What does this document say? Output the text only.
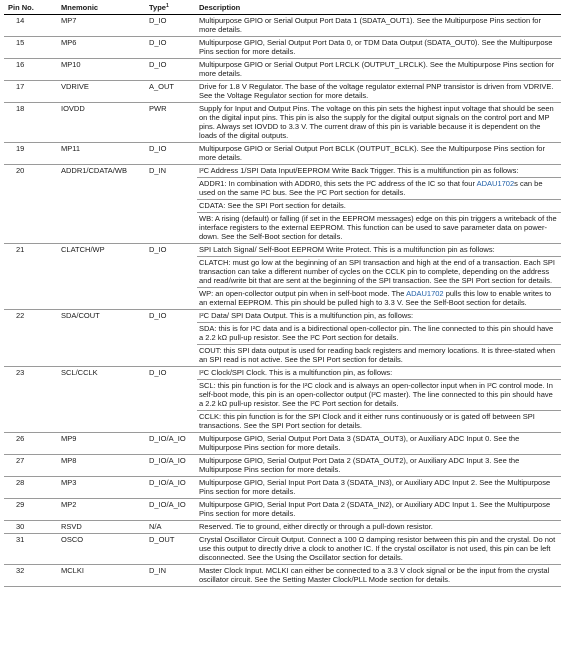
Pin No.	Mnemonic	Type$^1$	Description
14	MP7	D_IO	Multipurpose GPIO or Serial Output Port Data 1 (SDATA_OUT1). See the Multipurpose Pins section for more details.
15	MP6	D_IO	Multipurpose GPIO, Serial Output Port Data 0, or TDM Data Output (SDATA_OUT0). See the Multipurpose Pins section for more details.
16	MP10	D_IO	Multipurpose GPIO or Serial Output Port LRCLK (OUTPUT_LRCLK). See the Multipurpose Pins section for more details.
17	VDRIVE	A_OUT	Drive for 1.8 V Regulator. The base of the voltage regulator external PNP transistor is driven from VDRIVE. See the Voltage Regulator section for more details.
18	IOVDD	PWR	Supply for Input and Output Pins. The voltage on this pin sets the highest input voltage that should be seen on the digital input pins. This pin is also the supply for the digital output signals on the control port and MP pins. Always set IOVDD to 3.3 V. The current draw of this pin is variable because it is dependent on the loads of the digital outputs.
19	MP11	D_IO	Multipurpose GPIO or Serial Output Port BCLK (OUTPUT_BCLK). See the Multipurpose Pins section for more details.
20	ADDR1/CDATA/WB	D_IN	I²C Address 1/SPI Data Input/EEPROM Write Back Trigger. This is a multifunction pin as follows:
			ADDR1: In combination with ADDR0, this sets the I²C address of the IC so that four ADAU1702s can be used on the same I²C bus. See the I²C Port section for details.
			CDATA: See the SPI Port section for details.
			WB: A rising (default) or falling (if set in the EEPROM messages) edge on this pin triggers a writeback of the interface registers to the external EEPROM. This function can be used to save parameter data on power-down. See the Self-Boot section for details.
21	CLATCH/WP	D_IO	SPI Latch Signal/ Self-Boot EEPROM Write Protect. This is a multifunction pin as follows:
			CLATCH: must go low at the beginning of an SPI transaction and high at the end of a transaction. Each SPI transaction can take a different number of cycles on the CCLK pin to complete, depending on the address and read/write bit that are sent at the beginning of the SPI transaction. See the SPI Port section for details.
			WP: an open-collector output pin when in self-boot mode. The ADAU1702 pulls this low to enable writes to an external EEPROM. This pin should be pulled high to 3.3 V. See the Self-Boot section for details.
22	SDA/COUT	D_IO	I²C Data/ SPI Data Output. This is a multifunction pin, as follows:
			SDA: this is for I²C data and is a bidirectional open-collector pin. The line connected to this pin should have a 2.2 kΩ pull-up resistor. See the I²C Port section for details.
			COUT: this SPI data output is used for reading back registers and memory locations. It is three-stated when an SPI read is not active. See the SPI Port section for details.
23	SCL/CCLK	D_IO	I²C Clock/SPI Clock. This is a multifunction pin, as follows:
			SCL: this pin function is for the I²C clock and is always an open-collector input when in I²C control mode. In self-boot mode, this pin is an open-collector output (I²C master). The line connected to this pin should have a 2.2 kΩ pull-up resistor. See the I²C Port section for details.
			CCLK: this pin function is for the SPI Clock and it either runs continuously or is gated off between SPI transactions. See the SPI Port section for details.
26	MP9	D_IO/A_IO	Multipurpose GPIO, Serial Output Port Data 3 (SDATA_OUT3), or Auxiliary ADC Input 0. See the Multipurpose Pins section for more details.
27	MP8	D_IO/A_IO	Multipurpose GPIO, Serial Output Port Data 2 (SDATA_OUT2), or Auxiliary ADC Input 3. See the Multipurpose Pins section for more details.
28	MP3	D_IO/A_IO	Multipurpose GPIO, Serial Input Port Data 3 (SDATA_IN3), or Auxiliary ADC Input 2. See the Multipurpose Pins section for more details.
29	MP2	D_IO/A_IO	Multipurpose GPIO, Serial Input Port Data 2 (SDATA_IN2), or Auxiliary ADC Input 1. See the Multipurpose Pins section for more details.
30	RSVD	N/A	Reserved. Tie to ground, either directly or through a pull-down resistor.
31	OSCO	D_OUT	Crystal Oscillator Circuit Output. Connect a 100 Ω damping resistor between this pin and the crystal. Do not use this output to directly drive a clock to another IC. If the crystal oscillator is not used, this pin can be left disconnected. See the Using the Oscillator section for details.
32	MCLKI	D_IN	Master Clock Input. MCLKI can either be connected to a 3.3 V clock signal or be the input from the crystal oscillator circuit. See the Setting Master Clock/PLL Mode section for details.
